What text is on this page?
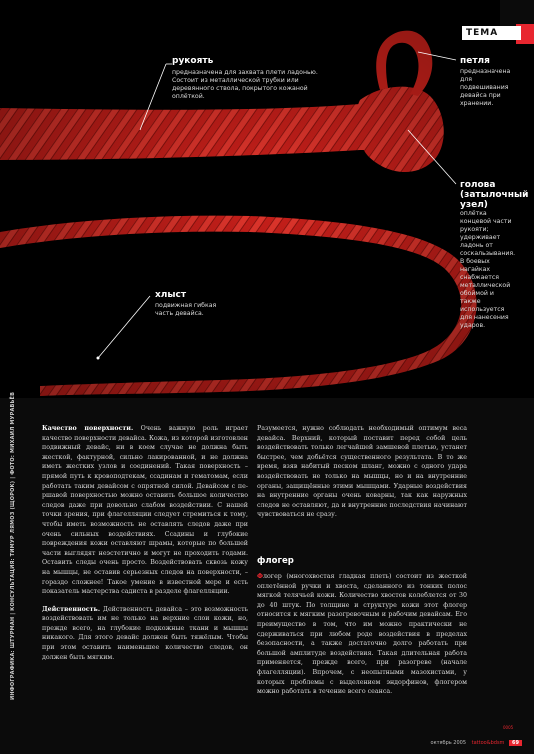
ТЕМА
рукоять
предназначена для захвата плети ладонью. Состоит из металлической трубки или деревянного ствола, покрытого кожаной оплёткой.
петля
предназначена для подвешивания девайса при хранении.
голова (затылочный узел)
оплётка концевой части рукояти; удерживает ладонь от соскальзывания. В боевых нагайках снабжается металлической обоймой и также используется для нанесения ударов.
хлыст
подвижная гибкая часть девайса.
ИНФОГРАФИКА: ШТУРМАН | КОНСУЛЬТАЦИЯ: ТИМУР ЛЯМОЗ (ЩОРОК) | ФОТО: МИХАИЛ МУРАВЬЁВ	Качество поверхности. Очень важную роль играет качество поверхности девайса. Кожа, из которой изготовлен подвижный девайс, ни в коем случае не должна быть жесткой, фактурной, сильно лакированной, и не должна иметь жестких узлов и соединений. Такая поверхность – прямой путь к кровоподтекам, ссадинам и гематомам, если работать таким девайсом с опрятной силой. Девайсом с першавой поверхностью можно оставить большое количество следов даже при довольно слабом воздействии. С нашей точки зрения, при флагелляции следует стремиться к тому, чтобы иметь возможность не оставлять следов даже при очень сильных воздействиях. Ссадины и глубокие повреждения кожи оставляют шрамы, которые по большей части выглядят неэстетично и могут не проходить годами. Оставить следы очень просто. Воздействовать сквозь кожу на мышцы, не оставив серьезных следов на поверхности, – гораздо сложнее! Такое умение в известной мере и есть показатель мастерства садиста в разделе флагелляции.

Действенность. Действенность девайса – это возможность воздействовать им не только на верхние слои кожи, но, прежде всего, на глубокие подкожные ткани и мышцы никакого. Для этого девайс должен быть тяжёлым. Чтобы при этом оставить наименьшее количество следов, он должен быть мягким.

Разумеется, нужно соблюдать необходимый оптимум веса девайса. Верхний, который поставит перед собой цель воздействовать только легчайшей замшевой плетью, устанет быстрее, чем добьётся существенного результата. В то же время, взяв набитый песком шланг, можно с одного удара воздействовать не только на мышцы, но и на внутренние органы, защищённые этими мышцами. Ударные воздействия на внутренние органы очень коварны, так как наружных следов не оставляют, да и внутренние последствия начинают чувствоваться не сразу.

флогер

Флогер (многохвостая гладкая плеть) состоит из жесткой оплетённой ручки и хвоста, сделанного из тонких полос мягкой телячьей кожи. Количество хвостов колеблется от 30 до 40 штук. По толщине и структуре кожи этот флогер относится к мягким разогревочным и рабочим девайсам. Его преимущество в том, что им можно практически не сдерживаться при любом роде воздействия в пределах безопасности, а также достаточно долго работать при большой амплитуде воздействия. Такая длительная работа применяется, прежде всего, при разогреве (начале флагелляции). Впрочем, с неопытными мазохистами, у которых проблемы с выделением эндорфинов, флогером можно работать в течение всего сеанса.

0005
октябрь 2005 tattoo&bdsm 69
